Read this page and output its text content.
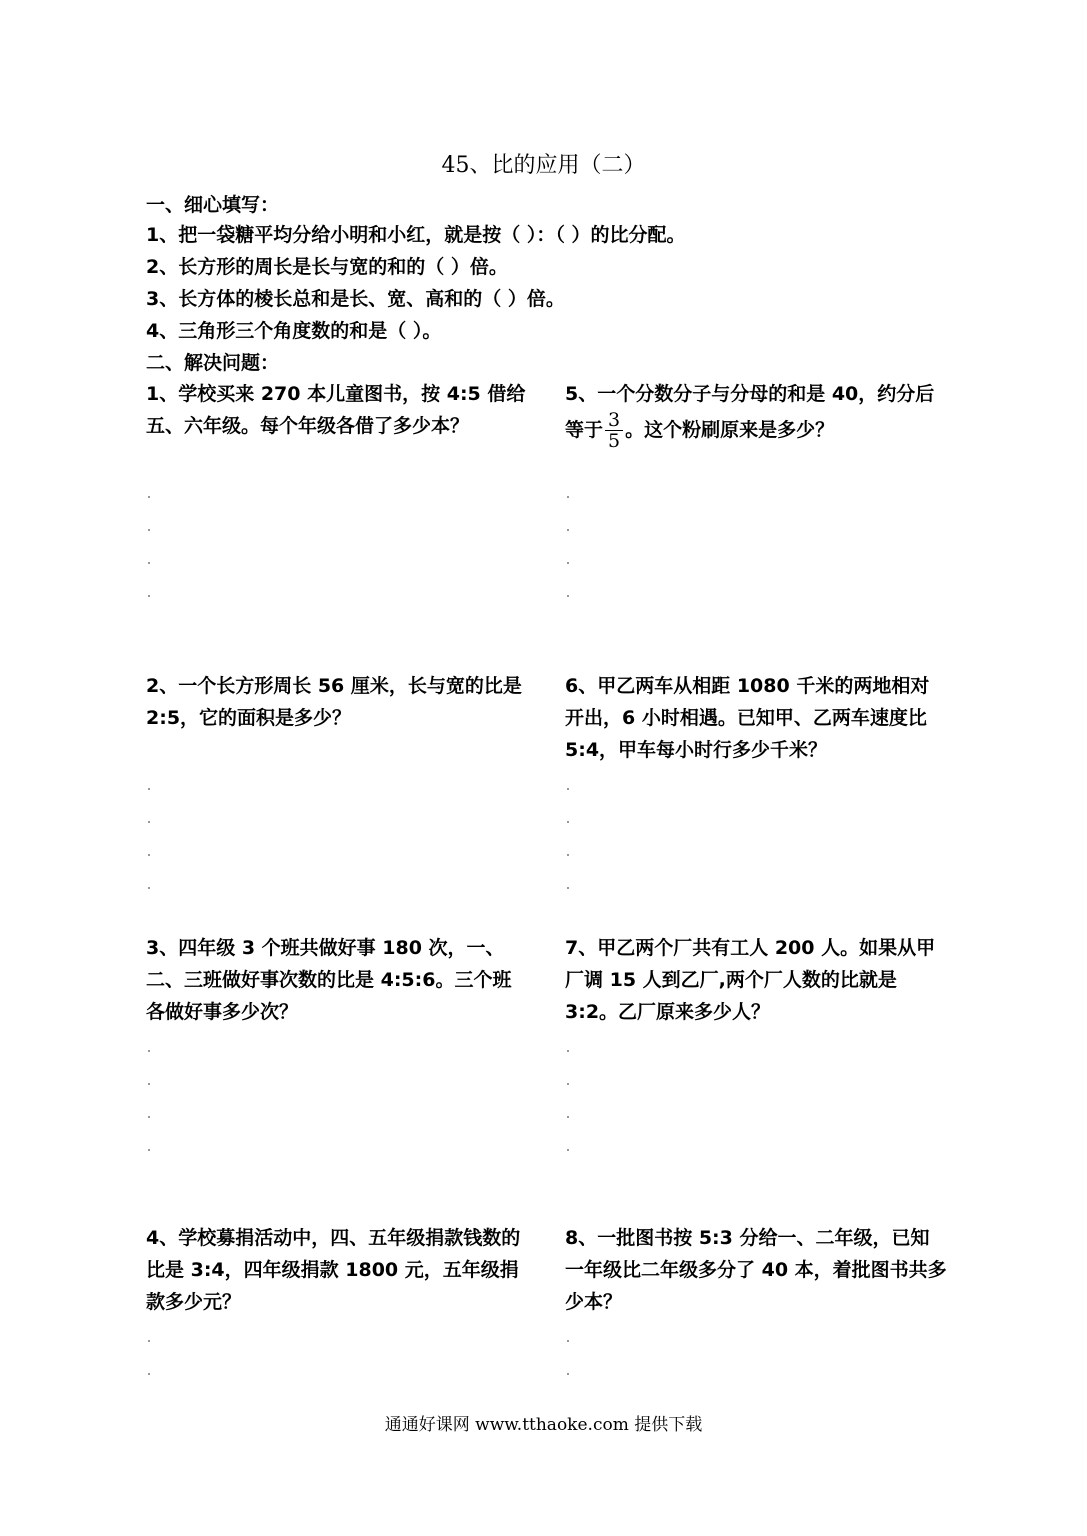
45、比的应用（二）
一、细心填写：
1、把一袋糖平均分给小明和小红，就是按（ ）：（ ）的比分配。
2、长方形的周长是长与宽的和的（ ）倍。
3、长方体的棱长总和是长、宽、高和的（ ）倍。
4、三角形三个角度数的和是（ ）。
二、解决问题：
1、学校买来 270 本儿童图书，按 4:5 借给五、六年级。每个年级各借了多少本？
5、一个分数分子与分母的和是 40，约分后等于 $\frac{3}{5}$ 。这个粉刷原来是多少？
2、一个长方形周长 56 厘米，长与宽的比是 2:5，它的面积是多少？
6、甲乙两车从相距 1080 千米的两地相对开出，6 小时相遇。已知甲、乙两车速度比 5:4，甲车每小时行多少千米？
3、四年级 3 个班共做好事 180 次，一、二、三班做好事次数的比是 4:5:6。三个班各做好事多少次？
7、甲乙两个厂共有工人 200 人。如果从甲厂调 15 人到乙厂,两个厂人数的比就是 3:2。乙厂原来多少人？
4、学校募捐活动中，四、五年级捐款钱数的比是 3:4，四年级捐款 1800 元，五年级捐款多少元？
8、一批图书按 5:3 分给一、二年级，已知一年级比二年级多分了 40 本，着批图书共多少本？
通通好课网 www.tthaoke.com 提供下载
